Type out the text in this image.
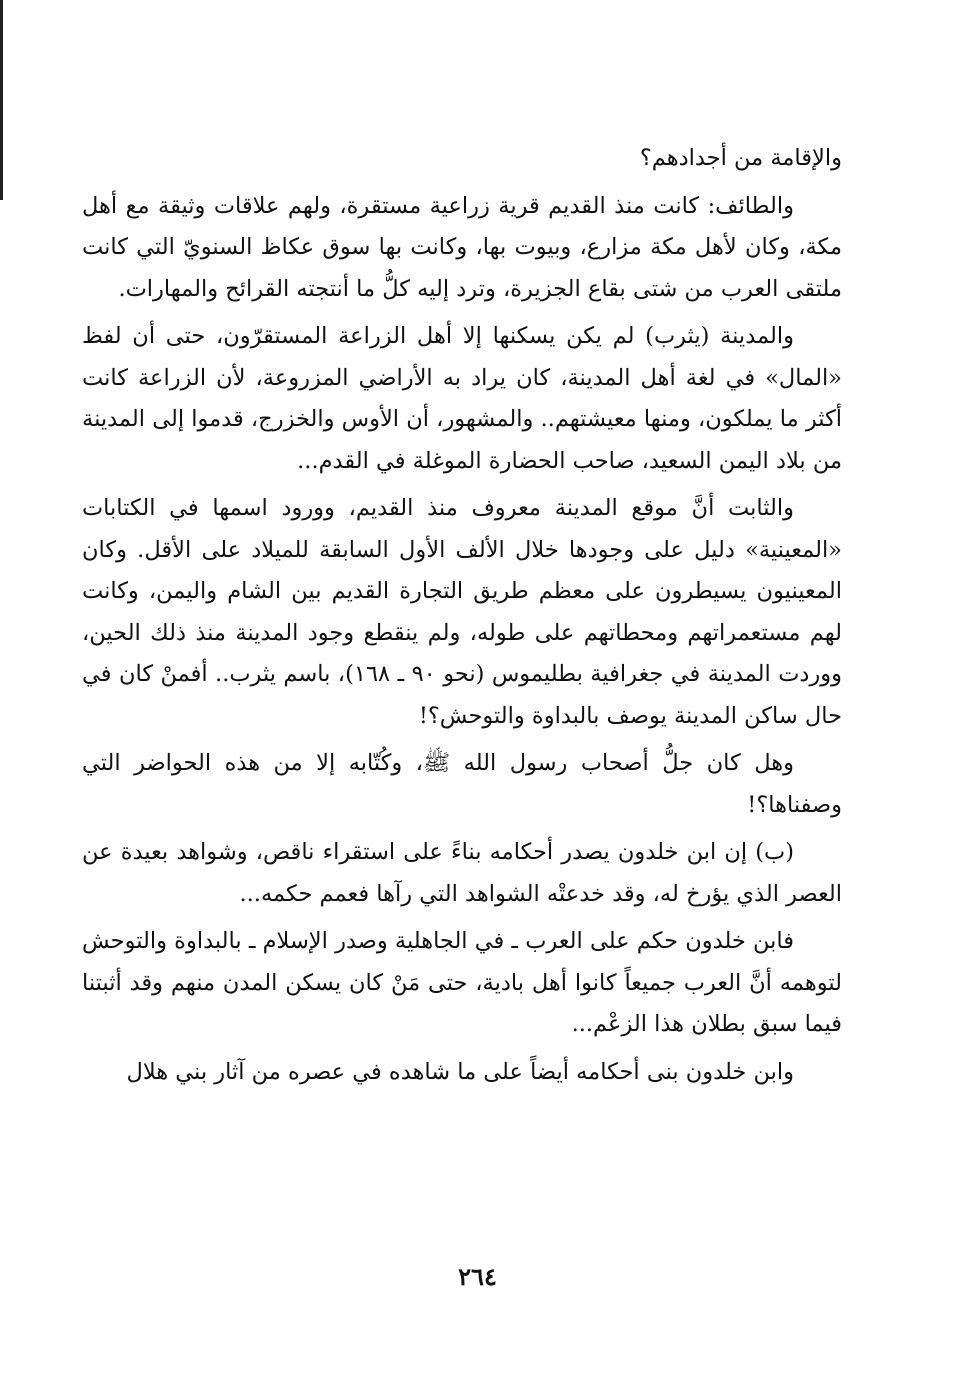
والإقامة من أجدادهم؟

والطائف: كانت منذ القديم قرية زراعية مستقرة، ولهم علاقات وثيقة مع أهل مكة، وكان لأهل مكة مزارع، وبيوت بها، وكانت بها سوق عكاظ السنويّ التي كانت ملتقى العرب من شتى بقاع الجزيرة، وترد إليه كلُّ ما أنتجته القرائح والمهارات.

والمدينة (يثرب) لم يكن يسكنها إلا أهل الزراعة المستقرّون، حتى أن لفظ «المال» في لغة أهل المدينة، كان يراد به الأراضي المزروعة، لأن الزراعة كانت أكثر ما يملكون، ومنها معيشتهم.. والمشهور، أن الأوس والخزرج، قدموا إلى المدينة من بلاد اليمن السعيد، صاحب الحضارة الموغلة في القدم...

والثابت أنَّ موقع المدينة معروف منذ القديم، وورود اسمها في الكتابات «المعينية» دليل على وجودها خلال الألف الأول السابقة للميلاد على الأقل. وكان المعينيون يسيطرون على معظم طريق التجارة القديم بين الشام واليمن، وكانت لهم مستعمراتهم ومحطاتهم على طوله، ولم ينقطع وجود المدينة منذ ذلك الحين، ووردت المدينة في جغرافية بطليموس (نحو ٩٠ ـ ١٦٨)، باسم يثرب.. أفمنْ كان في حال ساكن المدينة يوصف بالبداوة والتوحش؟!

وهل كان جلُّ أصحاب رسول الله ﷺ، وكُتّابه إلا من هذه الحواضر التي وصفناها؟!

(ب) إن ابن خلدون يصدر أحكامه بناءً على استقراء ناقص، وشواهد بعيدة عن العصر الذي يؤرخ له، وقد خدعتْه الشواهد التي رآها فعمم حكمه...

فابن خلدون حكم على العرب ـ في الجاهلية وصدر الإسلام ـ بالبداوة والتوحش لتوهمه أنَّ العرب جميعاً كانوا أهل بادية، حتى مَنْ كان يسكن المدن منهم وقد أثبتنا فيما سبق بطلان هذا الزعْم...

وابن خلدون بنى أحكامه أيضاً على ما شاهده في عصره من آثار بني هلال

٢٦٤
